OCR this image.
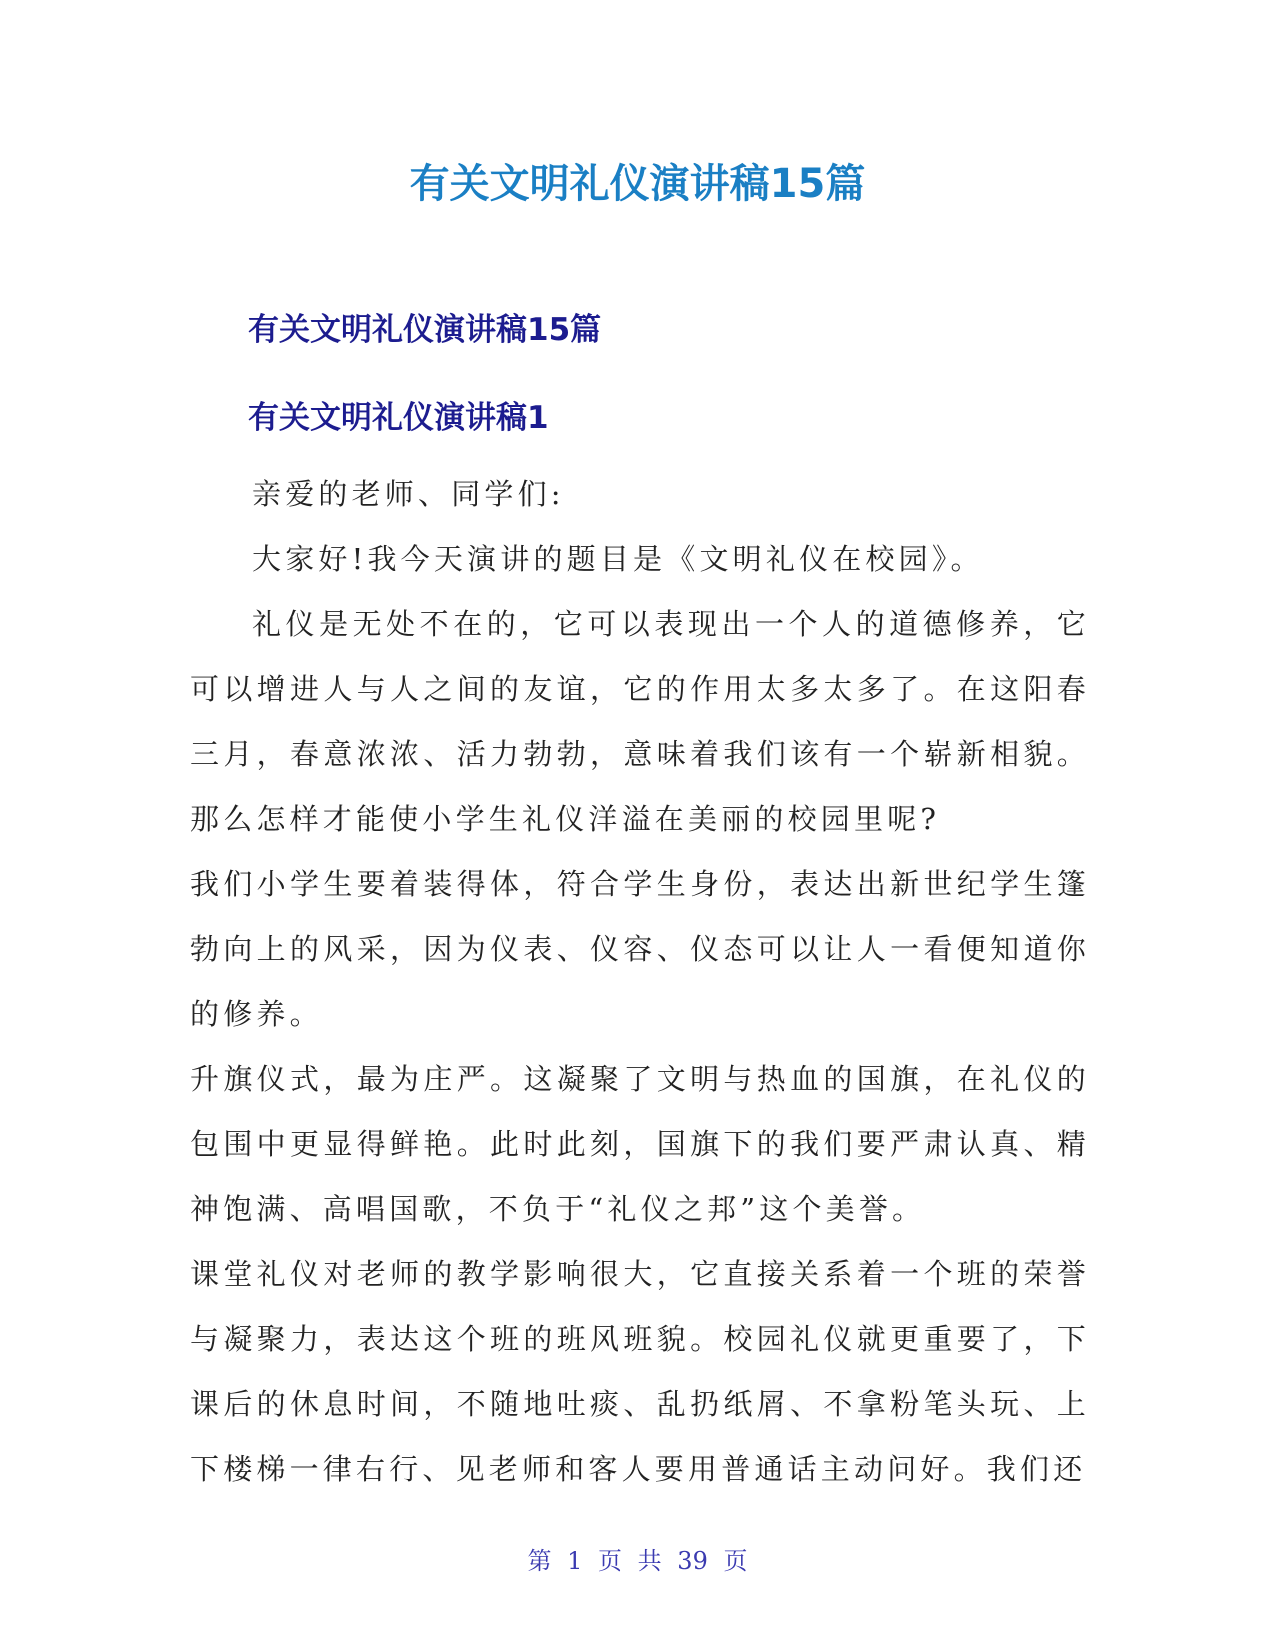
有关文明礼仪演讲稿15篇
有关文明礼仪演讲稿15篇
有关文明礼仪演讲稿1

亲爱的老师、同学们:

大家好!我今天演讲的题目是《文明礼仪在校园》。

礼仪是无处不在的，它可以表现出一个人的道德修养，它可以增进人与人之间的友谊，它的作用太多太多了。在这阳春三月，春意浓浓、活力勃勃，意味着我们该有一个崭新相貌。那么怎样才能使小学生礼仪洋溢在美丽的校园里呢?

我们小学生要着装得体，符合学生身份，表达出新世纪学生篷勃向上的风采，因为仪表、仪容、仪态可以让人一看便知道你的修养。

升旗仪式，最为庄严。这凝聚了文明与热血的国旗，在礼仪的包围中更显得鲜艳。此时此刻，国旗下的我们要严肃认真、精神饱满、高唱国歌，不负于“礼仪之邦”这个美誉。

课堂礼仪对老师的教学影响很大，它直接关系着一个班的荣誉与凝聚力，表达这个班的班风班貌。校园礼仪就更重要了，下课后的休息时间，不随地吐痰、乱扔纸屑、不拿粉笔头玩、上下楼梯一律右行、见老师和客人要用普通话主动问好。我们还

第 1 页 共 39 页
